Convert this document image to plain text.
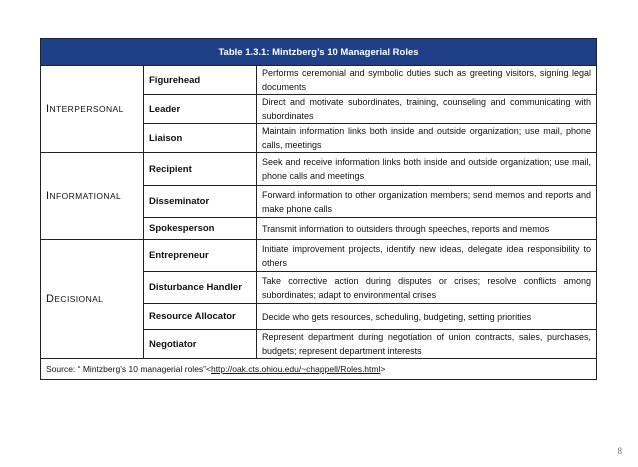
Table 1.3.1: Mintzberg’s 10 Managerial Roles		
INTERPERSONAL	Figurehead	Performs ceremonial and symbolic duties such as greeting visitors, signing legal documents
	Leader	Direct and motivate subordinates, training, counseling and communicating with subordinates
	Liaison	Maintain information links both inside and outside organization; use mail, phone calls, meetings
INFORMATIONAL	Recipient	Seek and receive information links both inside and outside organization; use mail, phone calls and meetings
	Disseminator	Forward information to other organization members; send memos and reports and make phone calls
	Spokesperson	Transmit information to outsiders through speeches, reports and memos
DECISIONAL	Entrepreneur	Initiate improvement projects, identify new ideas, delegate idea responsibility to others
	Disturbance Handler	Take corrective action during disputes or crises; resolve conflicts among subordinates; adapt to environmental crises
	Resource Allocator	Decide who gets resources, scheduling, budgeting, setting priorities
	Negotiator	Represent department during negotiation of union contracts, sales, purchases, budgets; represent department interests
Source: “ Mintzberg’s 10 managerial roles”<http://oak.cts.ohiou.edu/~chappell/Roles.html>		
8
